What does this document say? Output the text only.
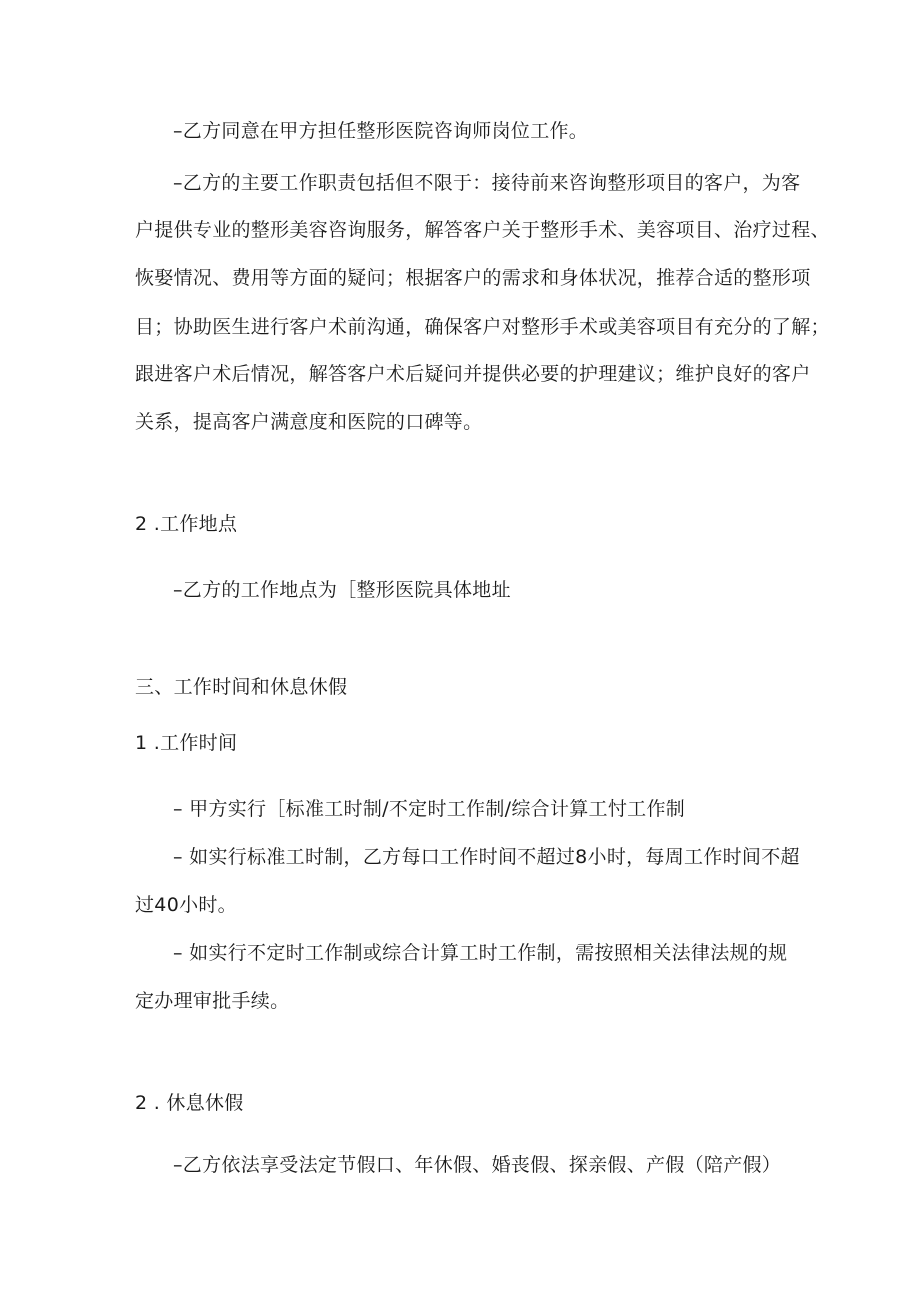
–乙方同意在甲方担任整形医院咨询师岗位工作。
–乙方的主要工作职责包括但不限于：接待前来咨询整形项目的客户，为客
户提供专业的整形美容咨询服务，解答客户关于整形手术、美容项目、治疗过程、
恢娶情况、费用等方面的疑问；根据客户的需求和身体状况，推荐合适的整形项
目；协助医生进行客户术前沟通，确保客户对整形手术或美容项目有充分的了解；
跟进客户术后情况，解答客户术后疑问并提供必要的护理建议；维护良好的客户
关系，提高客户满意度和医院的口碑等。
2 .工作地点
–乙方的工作地点为［整形医院具体地址
三、工作时间和休息休假
1 .工作时间
– 甲方实行［标准工时制/不定时工作制/综合计算工忖工作制
– 如实行标准工时制，乙方每口工作时间不超过8小时，每周工作时间不超
过40小时。
– 如实行不定时工作制或综合计算工时工作制，需按照相关法律法规的规
定办理审批手续。
2 . 休息休假
–乙方依法享受法定节假口、年休假、婚丧假、探亲假、产假（陪产假）
